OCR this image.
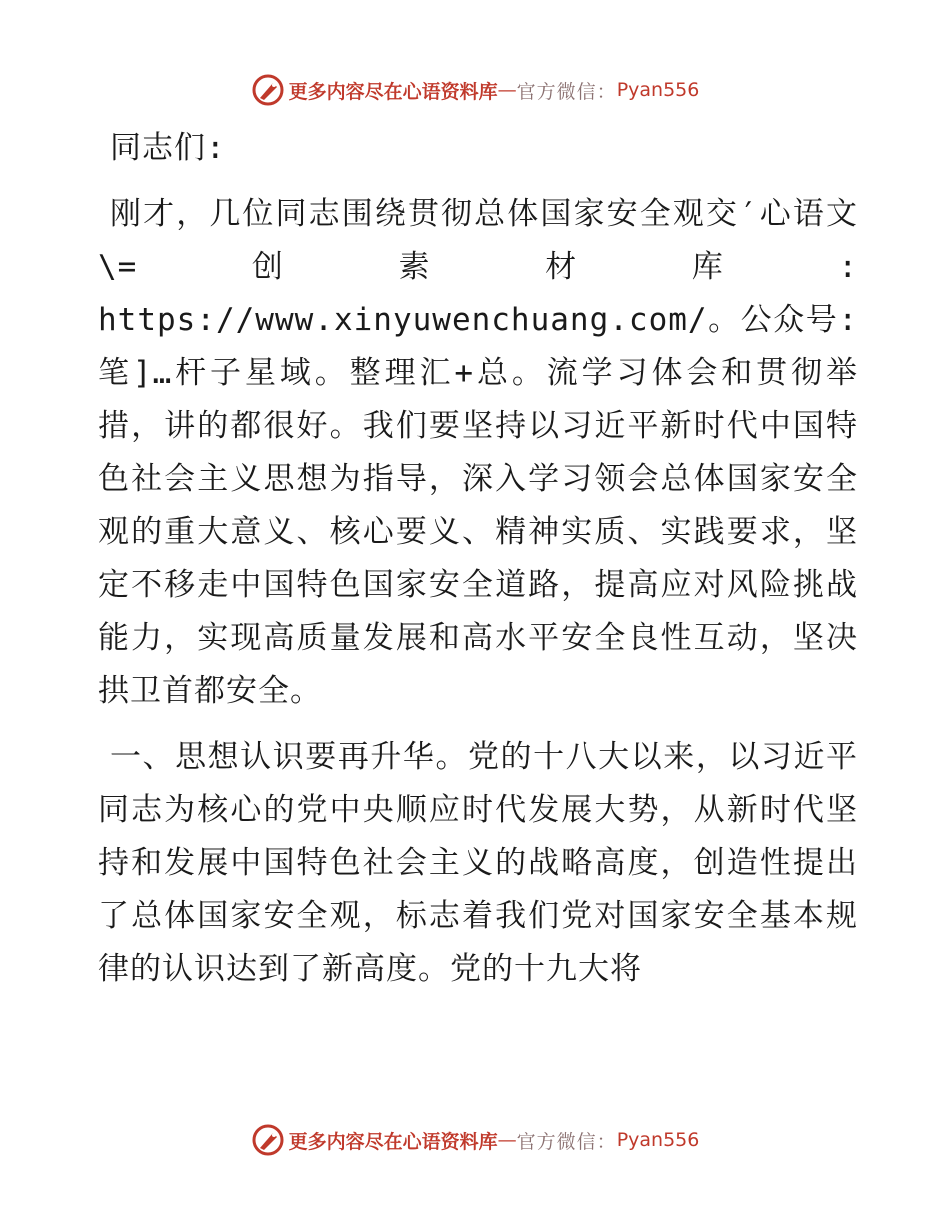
更多内容尽在心语资料库 — 官方微信： Pyan556

同志们:

刚才，几位同志围绕贯彻总体国家安全观交′心语文\=创素材库: https://www.xinyuwenchuang.com/。公众号: 笔]…杆子星域。整理汇+总。流学习体会和贯彻举措，讲的都很好。我们要坚持以习近平新时代中国特色社会主义思想为指导，深入学习领会总体国家安全观的重大意义、核心要义、精神实质、实践要求，坚定不移走中国特色国家安全道路，提高应对风险挑战能力，实现高质量发展和高水平安全良性互动，坚决拱卫首都安全。

一、思想认识要再升华。党的十八大以来，以习近平同志为核心的党中央顺应时代发展大势，从新时代坚持和发展中国特色社会主义的战略高度，创造性提出了总体国家安全观，标志着我们党对国家安全基本规律的认识达到了新高度。党的十九大将

更多内容尽在心语资料库 — 官方微信： Pyan556
